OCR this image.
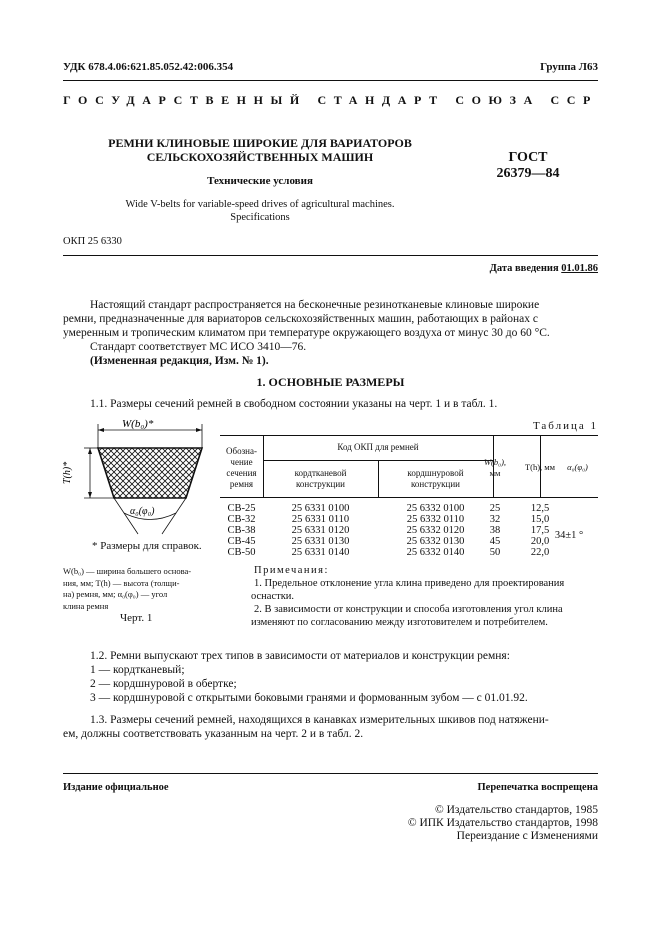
УДК 678.4.06:621.85.052.42:006.354	Группа Л63
ГОСУДАРСТВЕННЫЙ СТАНДАРТ СОЮЗА ССР
РЕМНИ КЛИНОВЫЕ ШИРОКИЕ ДЛЯ ВАРИАТОРОВ
СЕЛЬСКОХОЗЯЙСТВЕННЫХ МАШИН
Технические условия
Wide V-belts for variable-speed drives of agricultural machines.
Specifications
ГОСТ
26379—84
ОКП 25 6330
Дата введения 01.01.86
Настоящий стандарт распространяется на бесконечные резинотканевые клиновые широкие
ремни, предназначенные для вариаторов сельскохозяйственных машин, работающих в районах с
умеренным и тропическим климатом при температуре окружающего воздуха от минус 30 до 60 °С.
Стандарт соответствует МС ИСО 3410—76.
(Измененная редакция, Изм. № 1).
1. ОСНОВНЫЕ РАЗМЕРЫ
1.1. Размеры сечений ремней в свободном состоянии указаны на черт. 1 и в табл. 1.
Таблица 1
W(b₀)*
T(h)*
α₀(φ₀)
* Размеры для справок.
W(b₀) — ширина большего основа-
ния, мм; T(h) — высота (толщи-
на) ремня, мм; α₀(φ₀) — угол
клина ремня
Черт. 1
Обозна-
чение
сечения
ремня
Код ОКП для ремней
кордтканевой
конструкции
кордшнуровой
конструкции
W(b₀),
мм
T(h), мм	α₀(φ₀)
СВ-25	25 6331 0100	25 6332 0100	25	12,5
СВ-32	25 6331 0110	25 6332 0110	32	15,0
СВ-38	25 6331 0120	25 6332 0120	38	17,5
СВ-45	25 6331 0130	25 6332 0130	45	20,0
СВ-50	25 6331 0140	25 6332 0140	50	22,0
34±1 °
Примечания:
1. Предельное отклонение угла клина приведено для проектирования
оснастки.
2. В зависимости от конструкции и способа изготовления угол клина
изменяют по согласованию между изготовителем и потребителем.
1.2. Ремни выпускают трех типов в зависимости от материалов и конструкции ремня:
1 — кордтканевый;
2 — кордшнуровой в обертке;
3 — кордшнуровой с открытыми боковыми гранями и формованным зубом — с 01.01.92.
1.3. Размеры сечений ремней, находящихся в канавках измерительных шкивов под натяжени-
ем, должны соответствовать указанным на черт. 2 и в табл. 2.
Издание официальное	Перепечатка воспрещена
© Издательство стандартов, 1985
© ИПК Издательство стандартов, 1998
Переиздание с Изменениями
